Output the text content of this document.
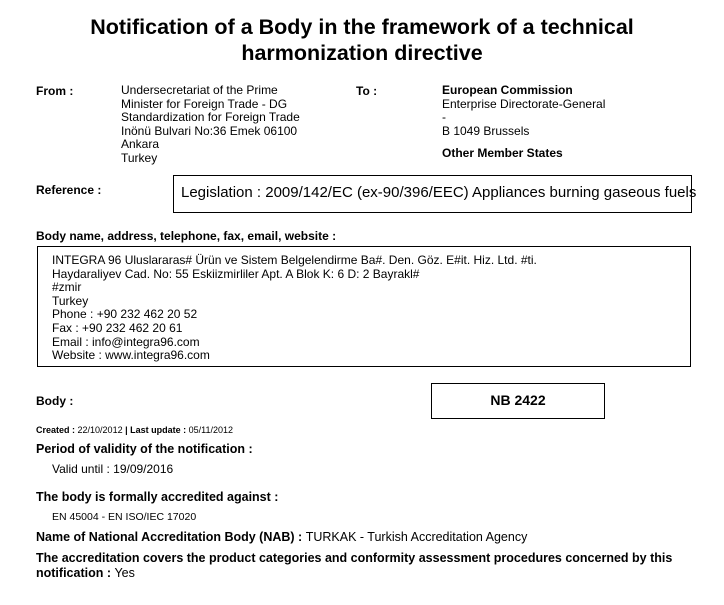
Notification of a Body in the framework of a technical
harmonization directive
From :	Undersecretariat of the Prime
Minister for Foreign Trade - DG
Standardization for Foreign Trade
Inönü Bulvari No:36 Emek 06100
Ankara
Turkey
To :	European Commission
Enterprise Directorate-General
-
B 1049 Brussels
Other Member States
Reference :	Legislation : 2009/142/EC (ex-90/396/EEC) Appliances burning gaseous fuels
Body name, address, telephone, fax, email, website :
INTEGRA 96 Uluslararas# Ürün ve Sistem Belgelendirme Ba#. Den. Göz. E#it. Hiz. Ltd. #ti.
Haydaraliyev Cad. No: 55 Eskiizmirliler Apt. A Blok K: 6 D: 2 Bayrakl#
#zmir
Turkey
Phone : +90 232 462 20 52
Fax : +90 232 462 20 61
Email : info@integra96.com
Website : www.integra96.com
Body :	NB 2422
Created : 22/10/2012 | Last update : 05/11/2012
Period of validity of the notification :
Valid until : 19/09/2016
The body is formally accredited against :
EN 45004 - EN ISO/IEC 17020
Name of National Accreditation Body (NAB) : TURKAK - Turkish Accreditation Agency
The accreditation covers the product categories and conformity assessment procedures concerned by this
notification : Yes
